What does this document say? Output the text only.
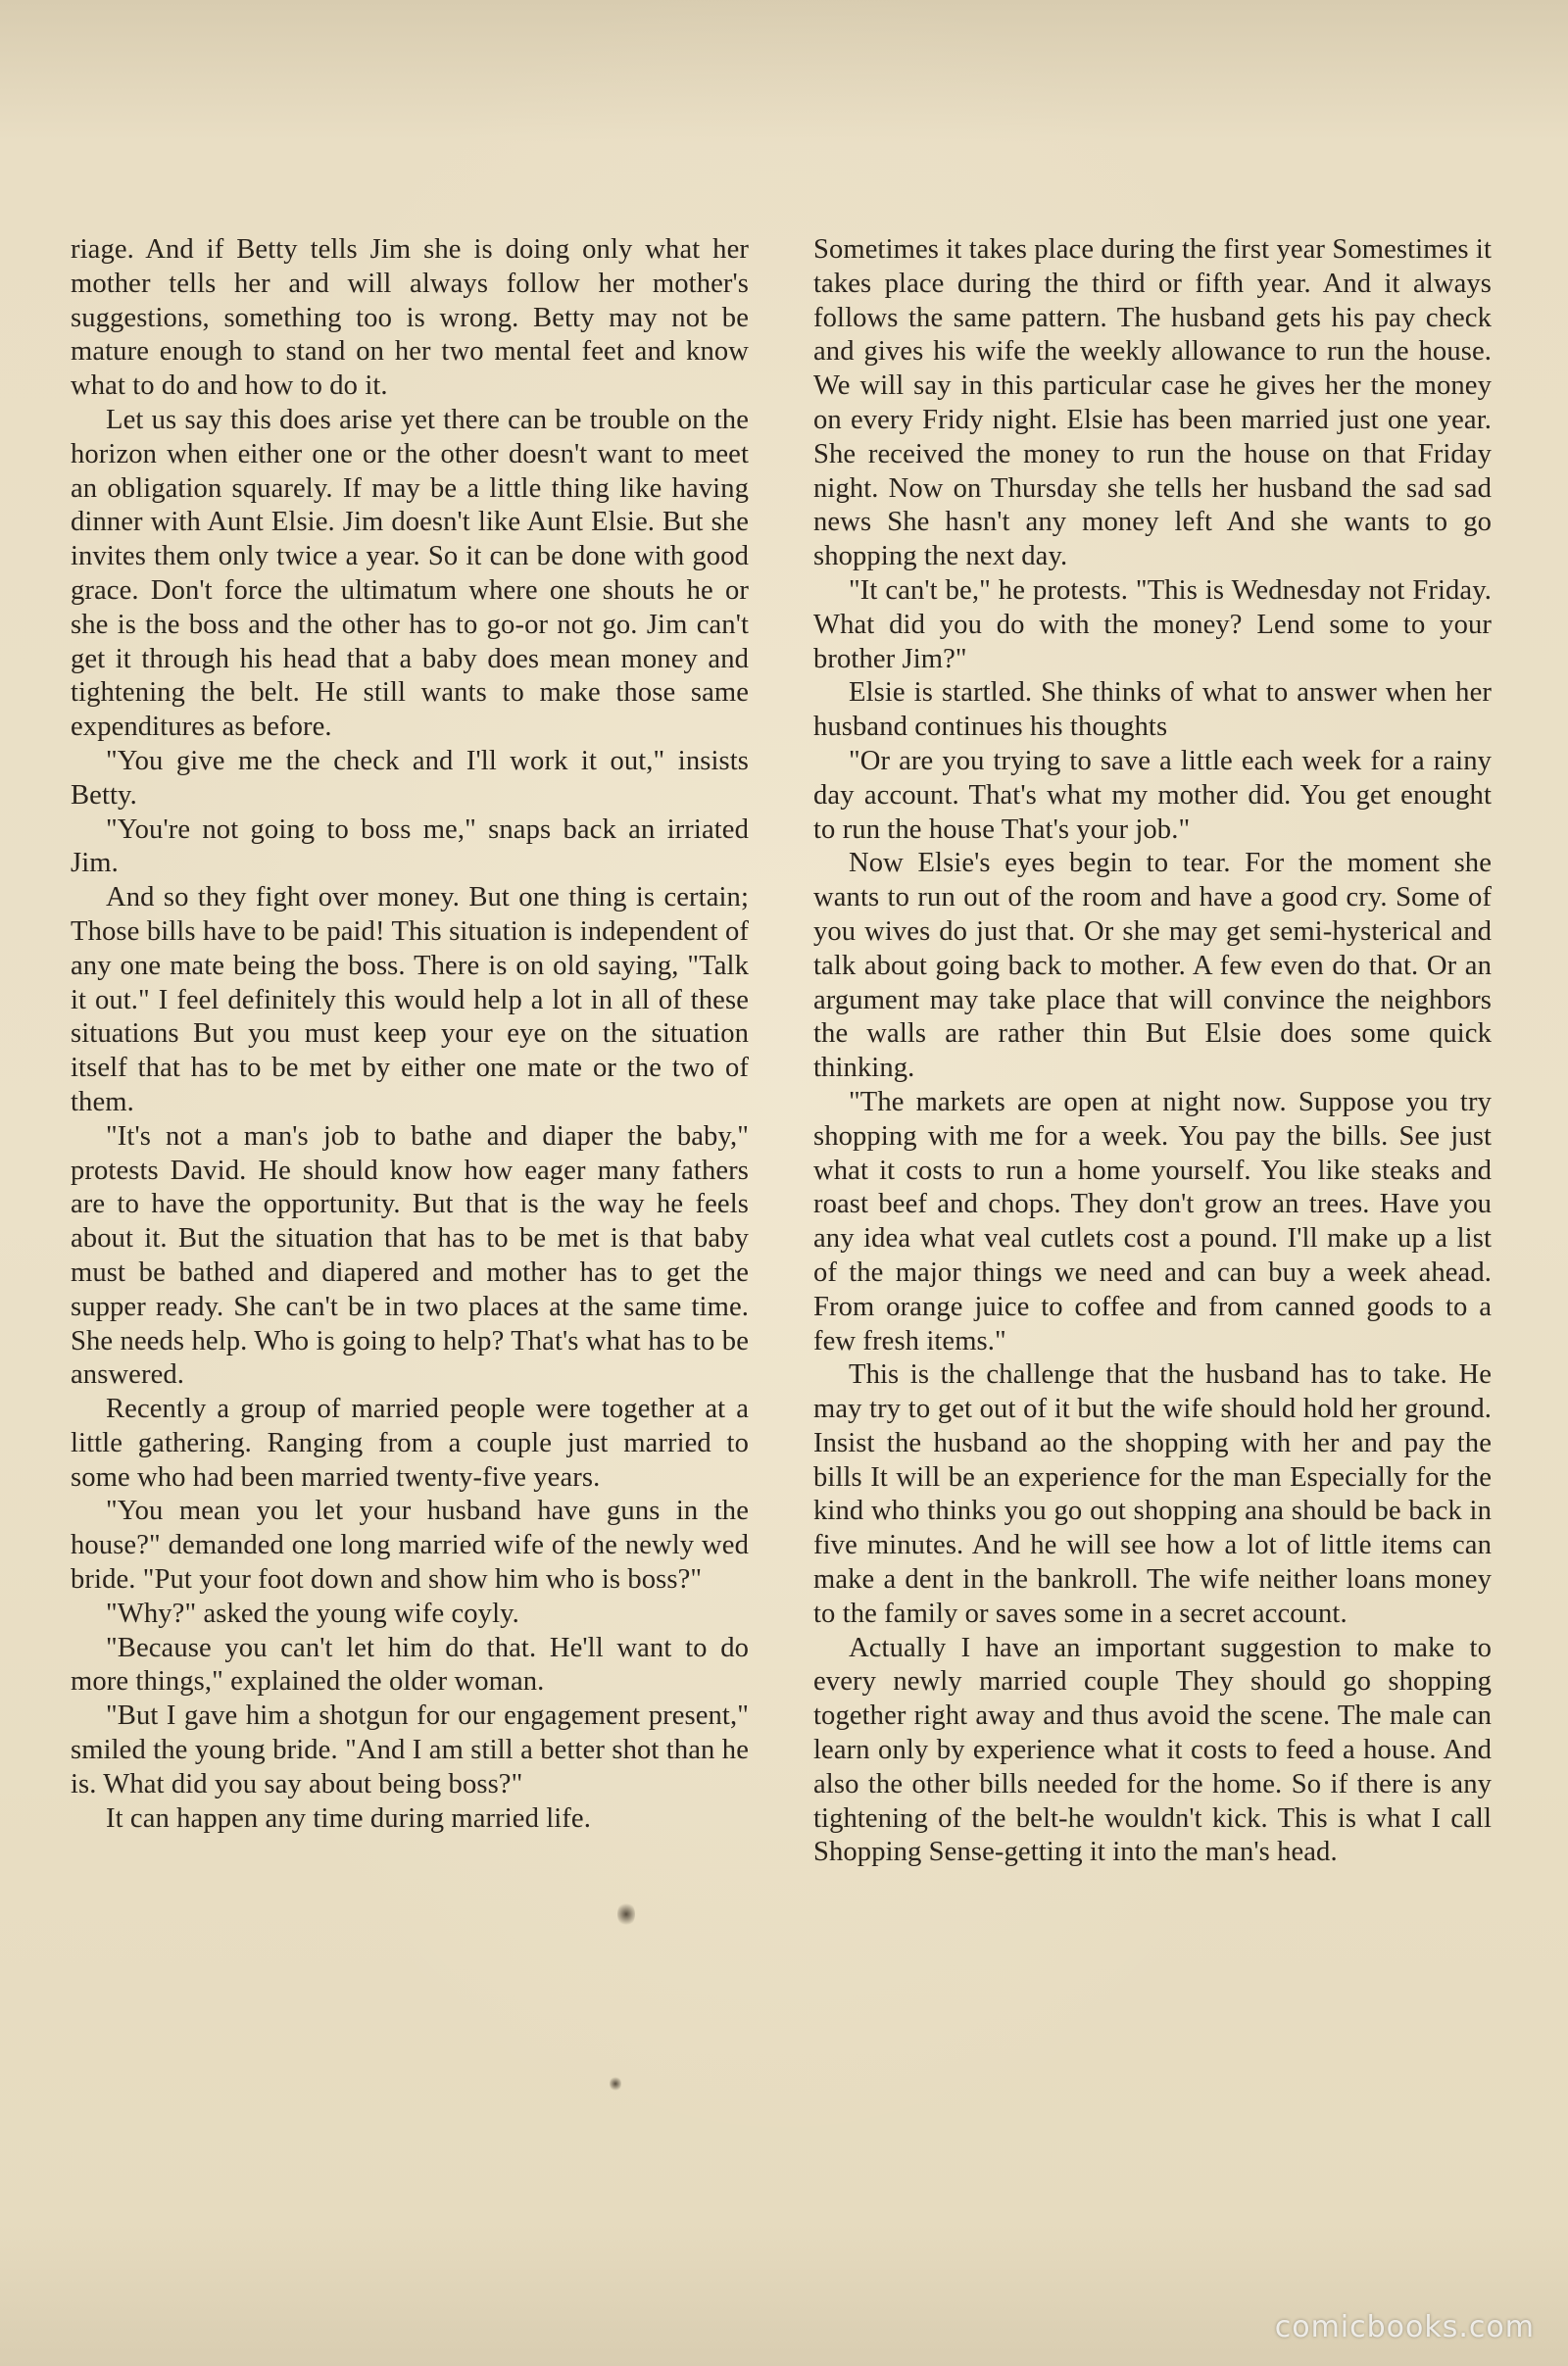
riage. And if Betty tells Jim she is doing only what her mother tells her and will always follow her mother's suggestions, something too is wrong. Betty may not be mature enough to stand on her two mental feet and know what to do and how to do it.

Let us say this does arise yet there can be trouble on the horizon when either one or the other doesn't want to meet an obligation squarely. If may be a little thing like having dinner with Aunt Elsie. Jim doesn't like Aunt Elsie. But she invites them only twice a year. So it can be done with good grace. Don't force the ultimatum where one shouts he or she is the boss and the other has to go-or not go. Jim can't get it through his head that a baby does mean money and tightening the belt. He still wants to make those same expenditures as before.

"You give me the check and I'll work it out," insists Betty.

"You're not going to boss me," snaps back an irriated Jim.

And so they fight over money. But one thing is certain; Those bills have to be paid! This situation is independent of any one mate being the boss. There is on old saying, "Talk it out." I feel definitely this would help a lot in all of these situations But you must keep your eye on the situation itself that has to be met by either one mate or the two of them.

"It's not a man's job to bathe and diaper the baby," protests David. He should know how eager many fathers are to have the opportunity. But that is the way he feels about it. But the situation that has to be met is that baby must be bathed and diapered and mother has to get the supper ready. She can't be in two places at the same time. She needs help. Who is going to help? That's what has to be answered.

Recently a group of married people were together at a little gathering. Ranging from a couple just married to some who had been married twenty-five years.

"You mean you let your husband have guns in the house?" demanded one long married wife of the newly wed bride. "Put your foot down and show him who is boss?"

"Why?" asked the young wife coyly.

"Because you can't let him do that. He'll want to do more things," explained the older woman.

"But I gave him a shotgun for our engagement present," smiled the young bride. "And I am still a better shot than he is. What did you say about being boss?"

It can happen any time during married life.

Sometimes it takes place during the first year Somestimes it takes place during the third or fifth year. And it always follows the same pattern. The husband gets his pay check and gives his wife the weekly allowance to run the house. We will say in this particular case he gives her the money on every Fridy night. Elsie has been married just one year. She received the money to run the house on that Friday night. Now on Thursday she tells her husband the sad sad news She hasn't any money left And she wants to go shopping the next day.

"It can't be," he protests. "This is Wednesday not Friday. What did you do with the money? Lend some to your brother Jim?"

Elsie is startled. She thinks of what to answer when her husband continues his thoughts

"Or are you trying to save a little each week for a rainy day account. That's what my mother did. You get enought to run the house That's your job."

Now Elsie's eyes begin to tear. For the moment she wants to run out of the room and have a good cry. Some of you wives do just that. Or she may get semi-hysterical and talk about going back to mother. A few even do that. Or an argument may take place that will convince the neighbors the walls are rather thin But Elsie does some quick thinking.

"The markets are open at night now. Suppose you try shopping with me for a week. You pay the bills. See just what it costs to run a home yourself. You like steaks and roast beef and chops. They don't grow an trees. Have you any idea what veal cutlets cost a pound. I'll make up a list of the major things we need and can buy a week ahead. From orange juice to coffee and from canned goods to a few fresh items."

This is the challenge that the husband has to take. He may try to get out of it but the wife should hold her ground. Insist the husband ao the shopping with her and pay the bills It will be an experience for the man Especially for the kind who thinks you go out shopping ana should be back in five minutes. And he will see how a lot of little items can make a dent in the bankroll. The wife neither loans money to the family or saves some in a secret account.

Actually I have an important suggestion to make to every newly married couple They should go shopping together right away and thus avoid the scene. The male can learn only by experience what it costs to feed a house. And also the other bills needed for the home. So if there is any tightening of the belt-he wouldn't kick. This is what I call Shopping Sense-getting it into the man's head.

comicbooks.com
